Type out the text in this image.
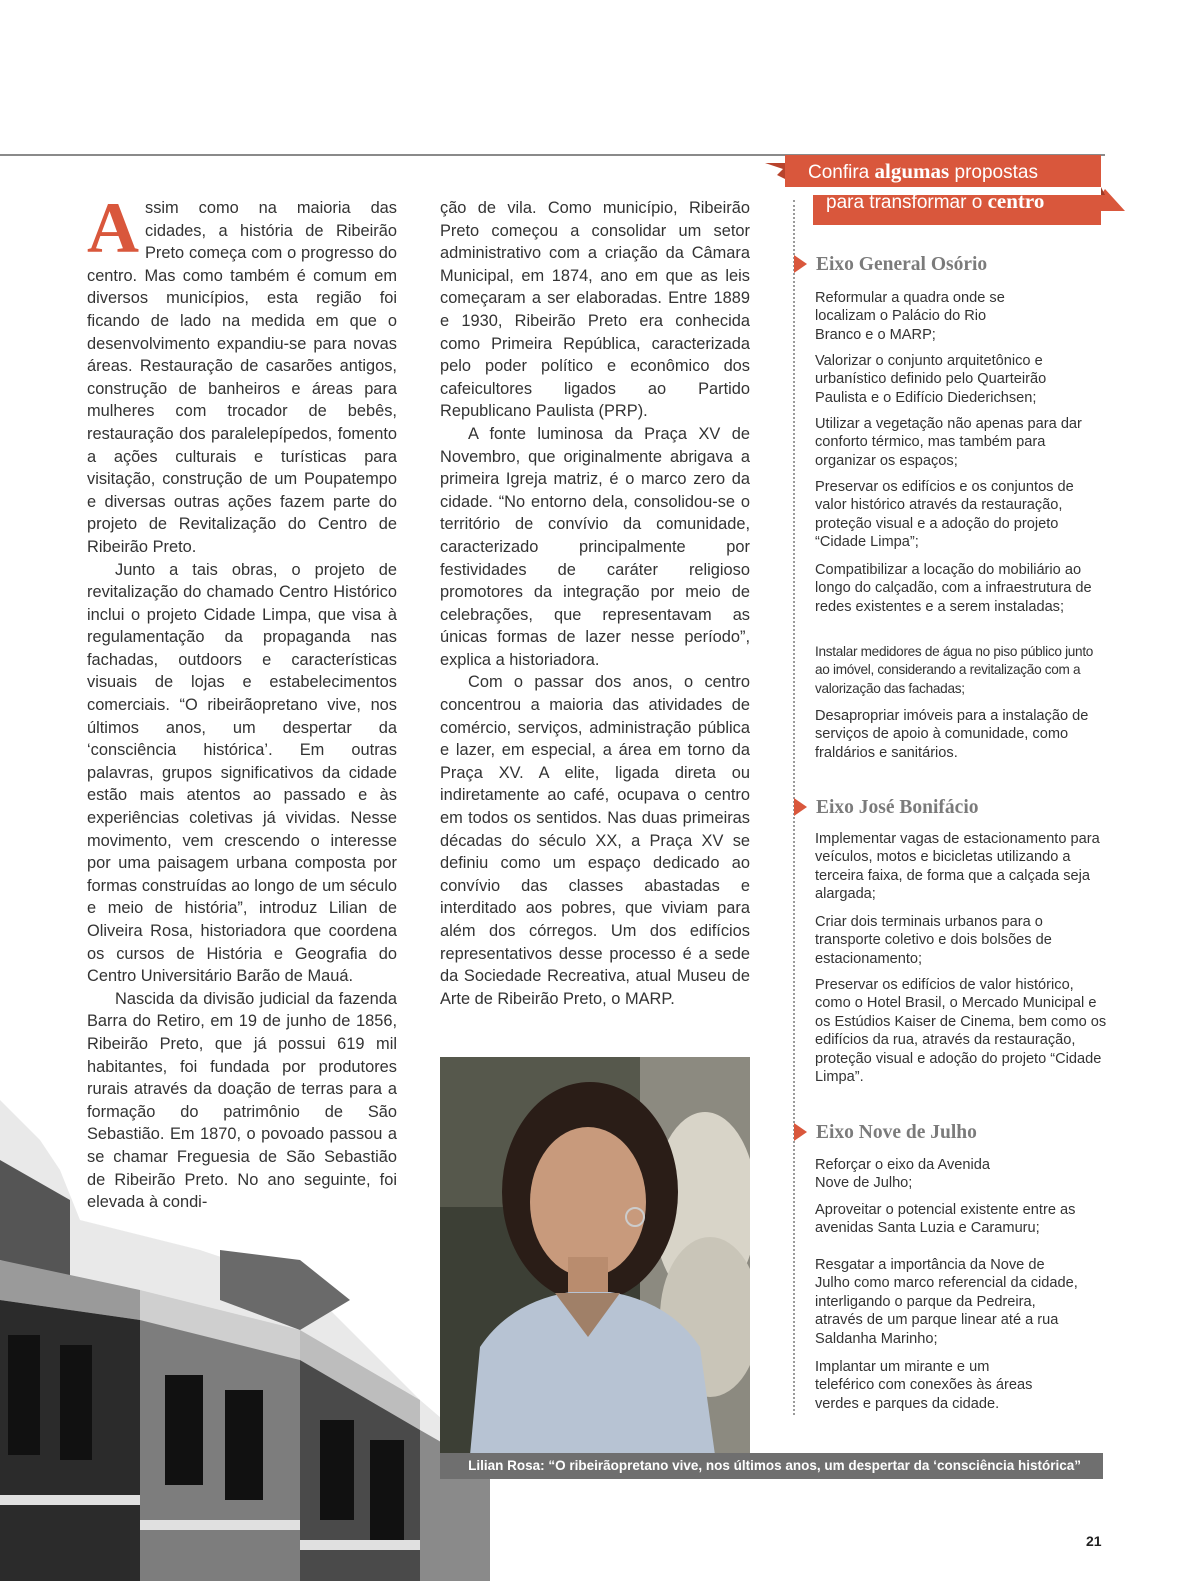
Assim como na maioria das cidades, a história de Ribeirão Preto começa com o progresso do centro. Mas como também é comum em diversos municípios, esta região foi ficando de lado na medida em que o desenvolvimento expandiu-se para novas áreas. Restauração de casarões antigos, construção de banheiros e áreas para mulheres com trocador de bebês, restauração dos paralelepípedos, fomento a ações culturais e turísticas para visitação, construção de um Poupatempo e diversas outras ações fazem parte do projeto de Revitalização do Centro de Ribeirão Preto.

Junto a tais obras, o projeto de revitalização do chamado Centro Histórico inclui o projeto Cidade Limpa, que visa à regulamentação da propaganda nas fachadas, outdoors e características visuais de lojas e estabelecimentos comerciais. “O ribeirãopretano vive, nos últimos anos, um despertar da ‘consciência histórica’. Em outras palavras, grupos significativos da cidade estão mais atentos ao passado e às experiências coletivas já vividas. Nesse movimento, vem crescendo o interesse por uma paisagem urbana composta por formas construídas ao longo de um século e meio de história”, introduz Lilian de Oliveira Rosa, historiadora que coordena os cursos de História e Geografia do Centro Universitário Barão de Mauá.

Nascida da divisão judicial da fazenda Barra do Retiro, em 19 de junho de 1856, Ribeirão Preto, que já possui 619 mil habitantes, foi fundada por produtores rurais através da doação de terras para a formação do patrimônio de São Sebastião. Em 1870, o povoado passou a se chamar Freguesia de São Sebastião de Ribeirão Preto. No ano seguinte, foi elevada à condi-

ção de vila. Como município, Ribeirão Preto começou a consolidar um setor administrativo com a criação da Câmara Municipal, em 1874, ano em que as leis começaram a ser elaboradas. Entre 1889 e 1930, Ribeirão Preto era conhecida como Primeira República, caracterizada pelo poder político e econômico dos cafeicultores ligados ao Partido Republicano Paulista (PRP).

A fonte luminosa da Praça XV de Novembro, que originalmente abrigava a primeira Igreja matriz, é o marco zero da cidade. “No entorno dela, consolidou-se o território de convívio da comunidade, caracterizado principalmente por festividades de caráter religioso promotores da integração por meio de celebrações, que representavam as únicas formas de lazer nesse período”, explica a historiadora.

Com o passar dos anos, o centro concentrou a maioria das atividades de comércio, serviços, administração pública e lazer, em especial, a área em torno da Praça XV. A elite, ligada direta ou indiretamente ao café, ocupava o centro em todos os sentidos. Nas duas primeiras décadas do século XX, a Praça XV se definiu como um espaço dedicado ao convívio das classes abastadas e interditado aos pobres, que viviam para além dos córregos. Um dos edifícios representativos desse processo é a sede da Sociedade Recreativa, atual Museu de Arte de Ribeirão Preto, o MARP.

Lilian Rosa: “O ribeirãopretano vive, nos últimos anos, um despertar da ‘consciência histórica”
Confira algumas propostas
para transformar o centro
Eixo General Osório
Reformular a quadra onde se localizam o Palácio do Rio Branco e o MARP;
Valorizar o conjunto arquitetônico e urbanístico definido pelo Quarteirão Paulista e o Edifício Diederichsen;
Utilizar a vegetação não apenas para dar conforto térmico, mas também para organizar os espaços;
Preservar os edifícios e os conjuntos de valor histórico através da restauração, proteção visual e a adoção do projeto “Cidade Limpa”;
Compatibilizar a locação do mobiliário ao longo do calçadão, com a infraestrutura de redes existentes e a serem instaladas;
Instalar medidores de água no piso público junto ao imóvel, considerando a revitalização com a valorização das fachadas;
Desapropriar imóveis para a instalação de serviços de apoio à comunidade, como fraldários e sanitários.
Eixo José Bonifácio
Implementar vagas de estacionamento para veículos, motos e bicicletas utilizando a terceira faixa, de forma que a calçada seja alargada;
Criar dois terminais urbanos para o transporte coletivo e dois bolsões de estacionamento;
Preservar os edifícios de valor histórico, como o Hotel Brasil, o Mercado Municipal e os Estúdios Kaiser de Cinema, bem como os edifícios da rua, através da restauração, proteção visual e adoção do projeto “Cidade Limpa”.
Eixo Nove de Julho
Reforçar o eixo da Avenida Nove de Julho;
Aproveitar o potencial existente entre as avenidas Santa Luzia e Caramuru;
Resgatar a importância da Nove de Julho como marco referencial da cidade, interligando o parque da Pedreira, através de um parque linear até a rua Saldanha Marinho;
Implantar um mirante e um teleférico com conexões às áreas verdes e parques da cidade.
21
